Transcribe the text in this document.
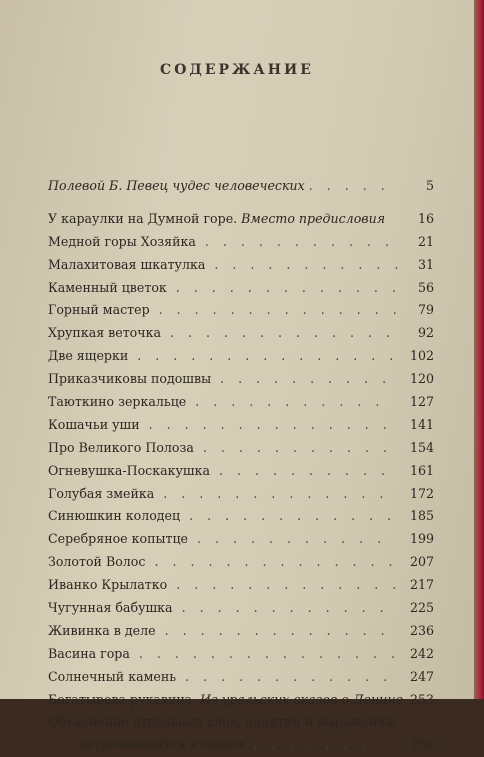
СОДЕРЖАНИЕ
Полевой Б. Певец чудес человеческих . . . . .	5
У караулки на Думной горе. Вместо предисловия	16
Медной горы Хозяйка . . . . . . . . . . . 21
Малахитовая шкатулка . . . . . . . . . . . 31
Каменный цветок . . . . . . . . . . . . . 56
Горный мастер . . . . . . . . . . . . . . 79
Хрупкая веточка . . . . . . . . . . . . . 92
Две ящерки . . . . . . . . . . . . . . . 102
Приказчиковы подошвы . . . . . . . . . . 120
Таюткино зеркальце . . . . . . . . . . . 127
Кошачьи уши . . . . . . . . . . . . . . 141
Про Великого Полоза . . . . . . . . . . . 154
Огневушка-Поскакушка . . . . . . . . . . 161
Голубая змейка . . . . . . . . . . . . . 172
Синюшкин колодец . . . . . . . . . . . . 185
Серебряное копытце . . . . . . . . . . . 199
Золотой Волос . . . . . . . . . . . . . . 207
Иванко Крылатко . . . . . . . . . . . . . 217
Чугунная бабушка . . . . . . . . . . . . 225
Живинка в деле . . . . . . . . . . . . . 236
Васина гора . . . . . . . . . . . . . . . 242
Солнечный камень . . . . . . . . . . . . 247
Богатырева рукавица. Из уральских сказов о Ленине 253
Объяснение отдельных слов, понятий и выражений,
встречающихся в сказах . . . . . . .	260
